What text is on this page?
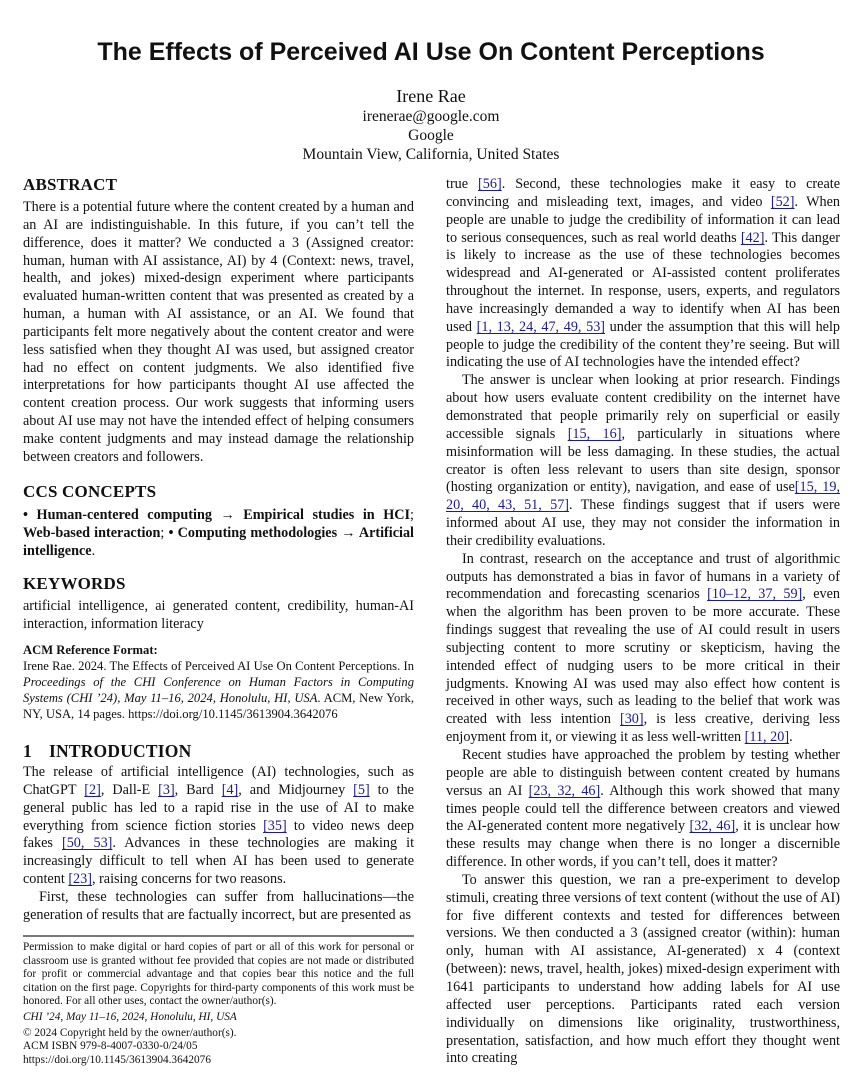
The Effects of Perceived AI Use On Content Perceptions
Irene Rae
irenerae@google.com
Google
Mountain View, California, United States
ABSTRACT
There is a potential future where the content created by a human and an AI are indistinguishable. In this future, if you can’t tell the difference, does it matter? We conducted a 3 (Assigned creator: human, human with AI assistance, AI) by 4 (Context: news, travel, health, and jokes) mixed-design experiment where participants evaluated human-written content that was presented as created by a human, a human with AI assistance, or an AI. We found that participants felt more negatively about the content creator and were less satisfied when they thought AI was used, but assigned creator had no effect on content judgments. We also identified five interpretations for how participants thought AI use affected the content creation process. Our work suggests that informing users about AI use may not have the intended effect of helping consumers make content judgments and may instead damage the relationship between creators and followers.
CCS CONCEPTS
• Human-centered computing → Empirical studies in HCI; Web-based interaction; • Computing methodologies → Artificial intelligence.
KEYWORDS
artificial intelligence, ai generated content, credibility, human-AI interaction, information literacy
ACM Reference Format:
Irene Rae. 2024. The Effects of Perceived AI Use On Content Perceptions. In Proceedings of the CHI Conference on Human Factors in Computing Systems (CHI ’24), May 11–16, 2024, Honolulu, HI, USA. ACM, New York, NY, USA, 14 pages. https://doi.org/10.1145/3613904.3642076
1 INTRODUCTION

The release of artificial intelligence (AI) technologies, such as ChatGPT [2], Dall-E [3], Bard [4], and Midjourney [5] to the general public has led to a rapid rise in the use of AI to make everything from science fiction stories [35] to video news deep fakes [50, 53]. Advances in these technologies are making it increasingly difficult to tell when AI has been used to generate content [23], raising concerns for two reasons.

First, these technologies can suffer from hallucinations—the generation of results that are factually incorrect, but are presented as

Permission to make digital or hard copies of part or all of this work for personal or classroom use is granted without fee provided that copies are not made or distributed for profit or commercial advantage and that copies bear this notice and the full citation on the first page. Copyrights for third-party components of this work must be honored. For all other uses, contact the owner/author(s).
CHI ’24, May 11–16, 2024, Honolulu, HI, USA
© 2024 Copyright held by the owner/author(s).
ACM ISBN 979-8-4007-0330-0/24/05
https://doi.org/10.1145/3613904.3642076

true [56]. Second, these technologies make it easy to create convincing and misleading text, images, and video [52]. When people are unable to judge the credibility of information it can lead to serious consequences, such as real world deaths [42]. This danger is likely to increase as the use of these technologies becomes widespread and AI-generated or AI-assisted content proliferates throughout the internet. In response, users, experts, and regulators have increasingly demanded a way to identify when AI has been used [1, 13, 24, 47, 49, 53] under the assumption that this will help people to judge the credibility of the content they’re seeing. But will indicating the use of AI technologies have the intended effect?

The answer is unclear when looking at prior research. Findings about how users evaluate content credibility on the internet have demonstrated that people primarily rely on superficial or easily accessible signals [15, 16], particularly in situations where misinformation will be less damaging. In these studies, the actual creator is often less relevant to users than site design, sponsor (hosting organization or entity), navigation, and ease of use[15, 19, 20, 40, 43, 51, 57]. These findings suggest that if users were informed about AI use, they may not consider the information in their credibility evaluations.

In contrast, research on the acceptance and trust of algorithmic outputs has demonstrated a bias in favor of humans in a variety of recommendation and forecasting scenarios [10–12, 37, 59], even when the algorithm has been proven to be more accurate. These findings suggest that revealing the use of AI could result in users subjecting content to more scrutiny or skepticism, having the intended effect of nudging users to be more critical in their judgments. Knowing AI was used may also effect how content is received in other ways, such as leading to the belief that work was created with less intention [30], is less creative, deriving less enjoyment from it, or viewing it as less well-written [11, 20].

Recent studies have approached the problem by testing whether people are able to distinguish between content created by humans versus an AI [23, 32, 46]. Although this work showed that many times people could tell the difference between creators and viewed the AI-generated content more negatively [32, 46], it is unclear how these results may change when there is no longer a discernible difference. In other words, if you can’t tell, does it matter?

To answer this question, we ran a pre-experiment to develop stimuli, creating three versions of text content (without the use of AI) for five different contexts and tested for differences between versions. We then conducted a 3 (assigned creator (within): human only, human with AI assistance, AI-generated) x 4 (context (between): news, travel, health, jokes) mixed-design experiment with 1641 participants to understand how adding labels for AI use affected user perceptions. Participants rated each version individually on dimensions like originality, trustworthiness, presentation, satisfaction, and how much effort they thought went into creating
